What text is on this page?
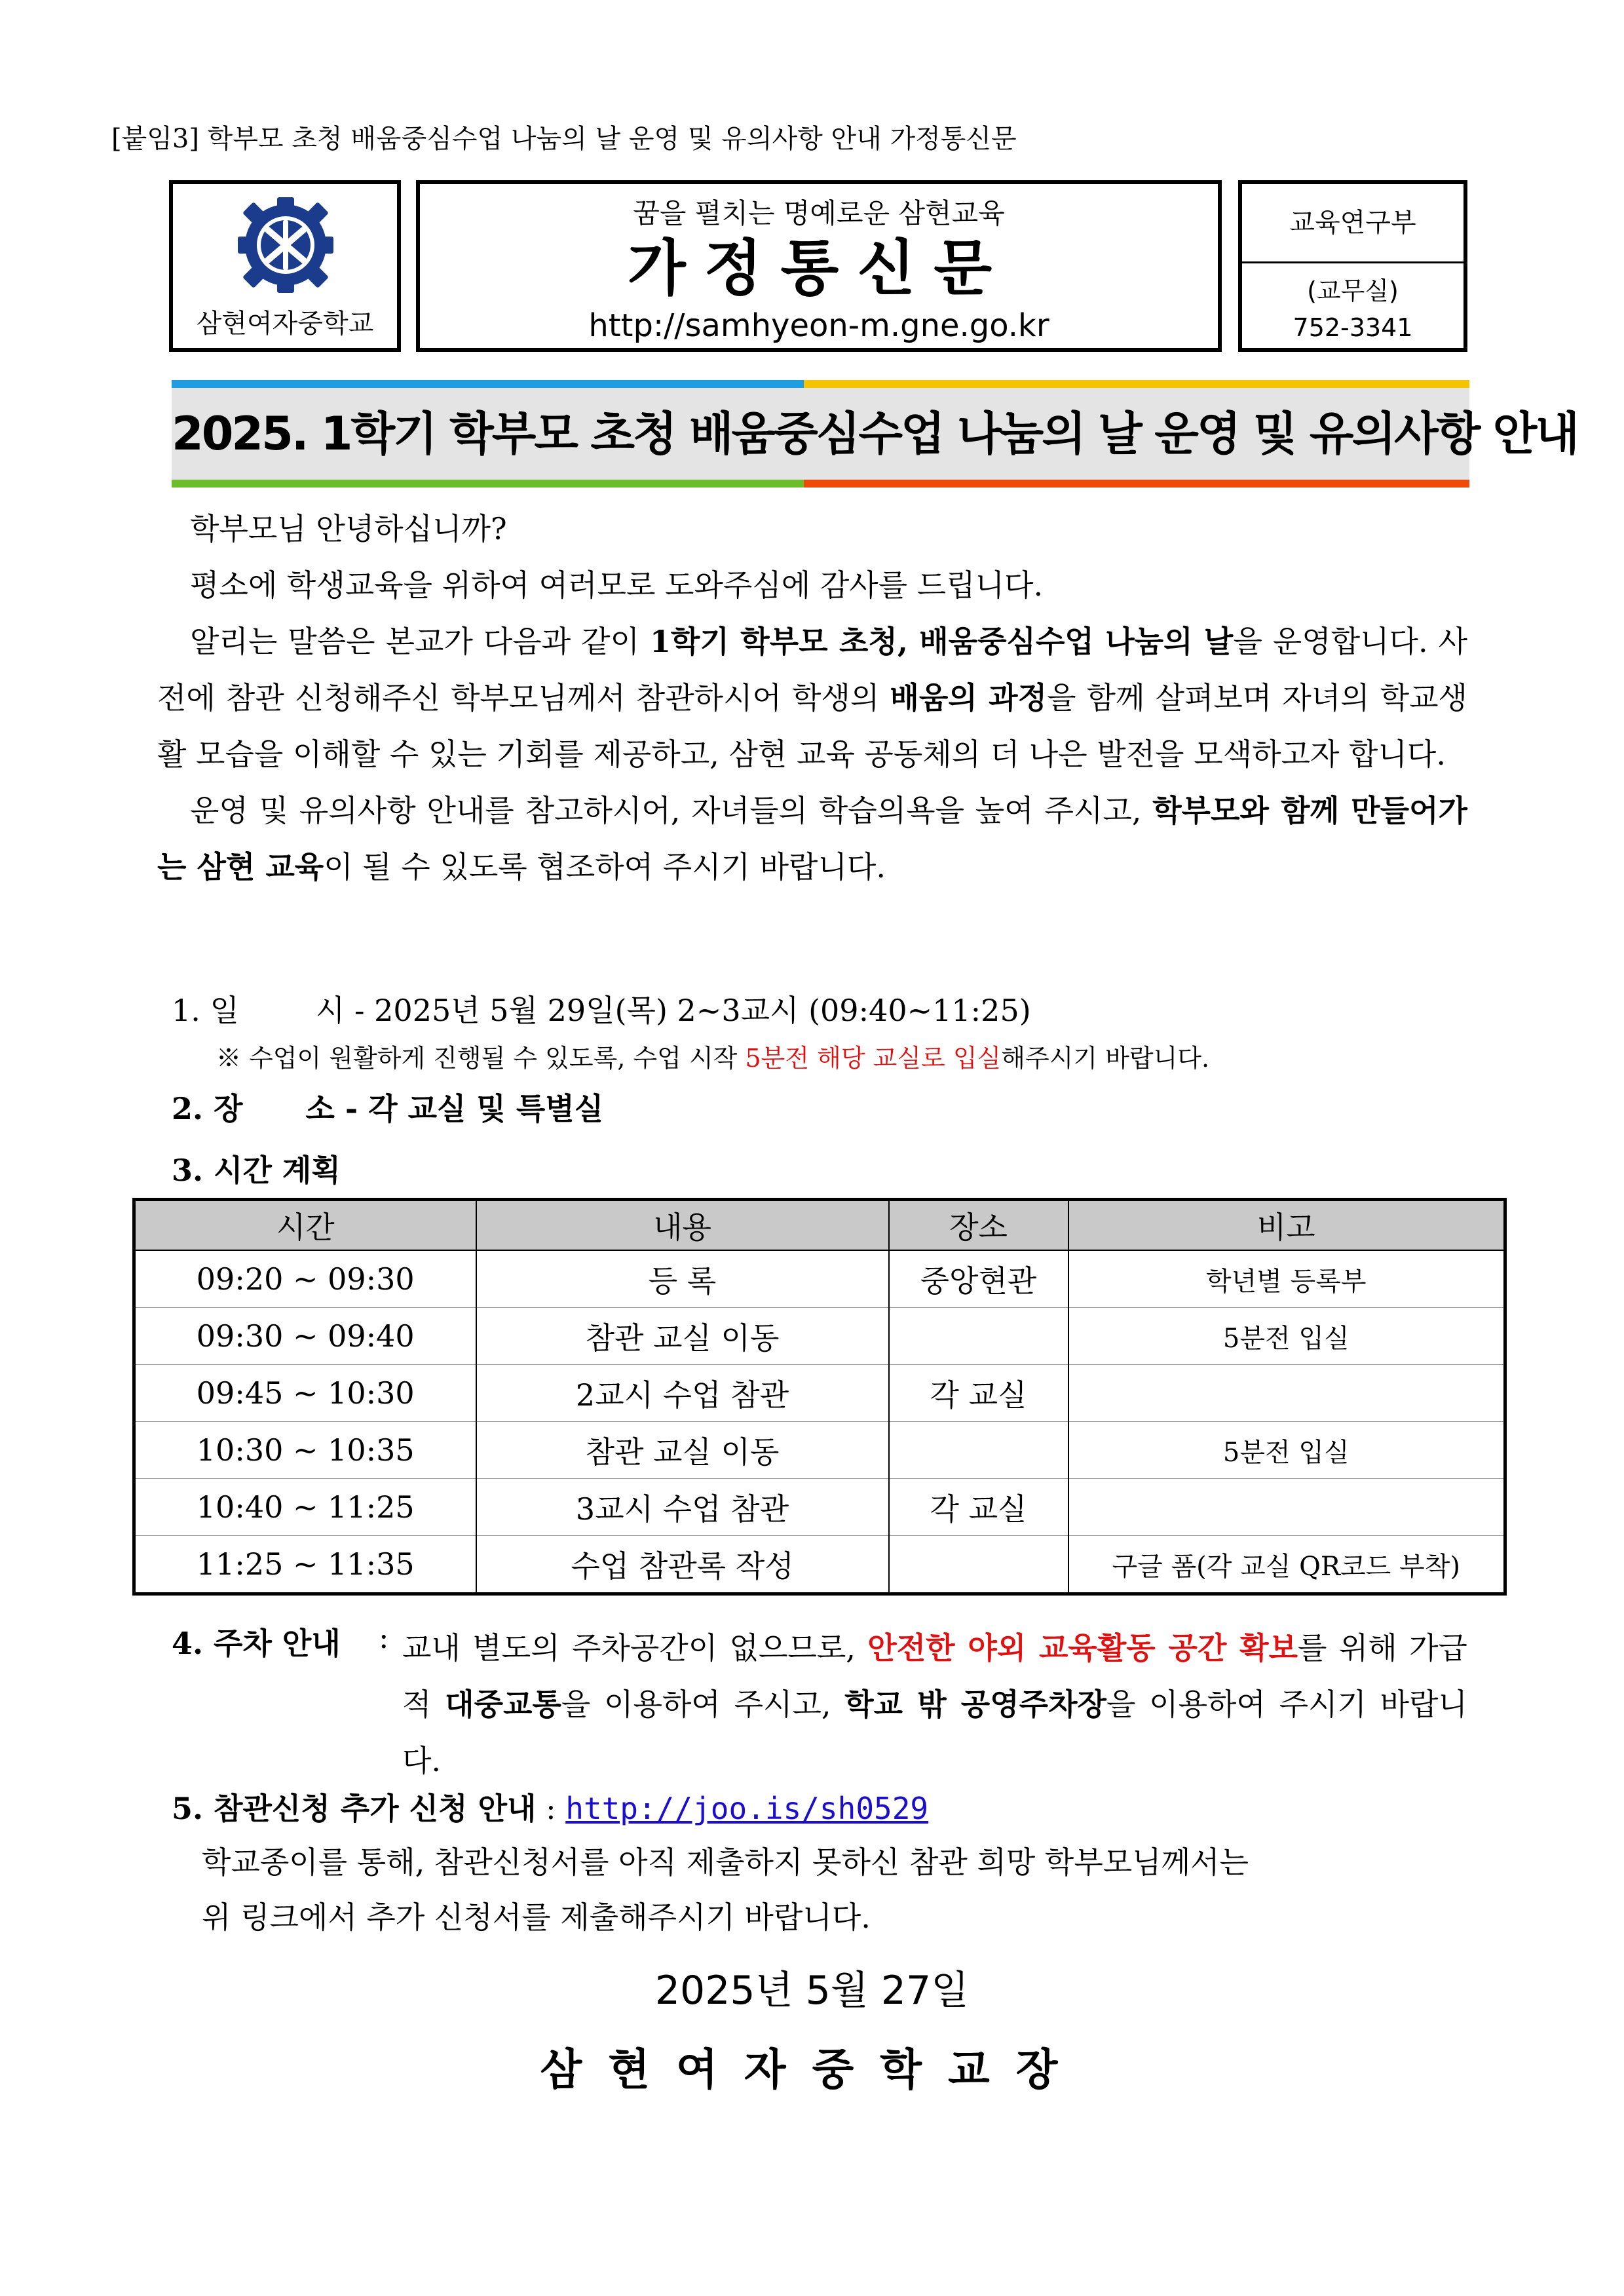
[붙임3] 학부모 초청 배움중심수업 나눔의 날 운영 및 유의사항 안내 가정통신문
삼현여자중학교
꿈을 펼치는 명예로운 삼현교육
가정통신문
http://samhyeon-m.gne.go.kr
교육연구부
(교무실)
752-3341
2025. 1학기 학부모 초청 배움중심수업 나눔의 날 운영 및 유의사항 안내
학부모님 안녕하십니까?
평소에 학생교육을 위하여 여러모로 도와주심에 감사를 드립니다.
알리는 말씀은 본교가 다음과 같이 1학기 학부모 초청, 배움중심수업 나눔의 날을 운영합니다. 사전에 참관 신청해주신 학부모님께서 참관하시어 학생의 배움의 과정을 함께 살펴보며 자녀의 학교생활 모습을 이해할 수 있는 기회를 제공하고, 삼현 교육 공동체의 더 나은 발전을 모색하고자 합니다.
운영 및 유의사항 안내를 참고하시어, 자녀들의 학습의욕을 높여 주시고, 학부모와 함께 만들어가는 삼현 교육이 될 수 있도록 협조하여 주시기 바랍니다.
1. 일        시 - 2025년 5월 29일(목) 2~3교시 (09:40~11:25)
※ 수업이 원활하게 진행될 수 있도록, 수업 시작 5분전 해당 교실로 입실해주시기 바랍니다.
2. 장      소 - 각 교실 및 특별실
3. 시간 계획
시간	내용	장소	비고
09:20 ~ 09:30	등 록	중앙현관	학년별 등록부
09:30 ~ 09:40	참관 교실 이동		5분전 입실
09:45 ~ 10:30	2교시 수업 참관	각 교실	
10:30 ~ 10:35	참관 교실 이동		5분전 입실
10:40 ~ 11:25	3교시 수업 참관	각 교실	
11:25 ~ 11:35	수업 참관록 작성		구글 폼(각 교실 QR코드 부착)
4. 주차 안내 : 교내 별도의 주차공간이 없으므로, 안전한 야외 교육활동 공간 확보를 위해 가급적 대중교통을 이용하여 주시고, 학교 밖 공영주차장을 이용하여 주시기 바랍니다.
5. 참관신청 추가 신청 안내 : http://joo.is/sh0529
학교종이를 통해, 참관신청서를 아직 제출하지 못하신 참관 희망 학부모님께서는
위 링크에서 추가 신청서를 제출해주시기 바랍니다.
2025년 5월 27일
삼현여자중학교장
